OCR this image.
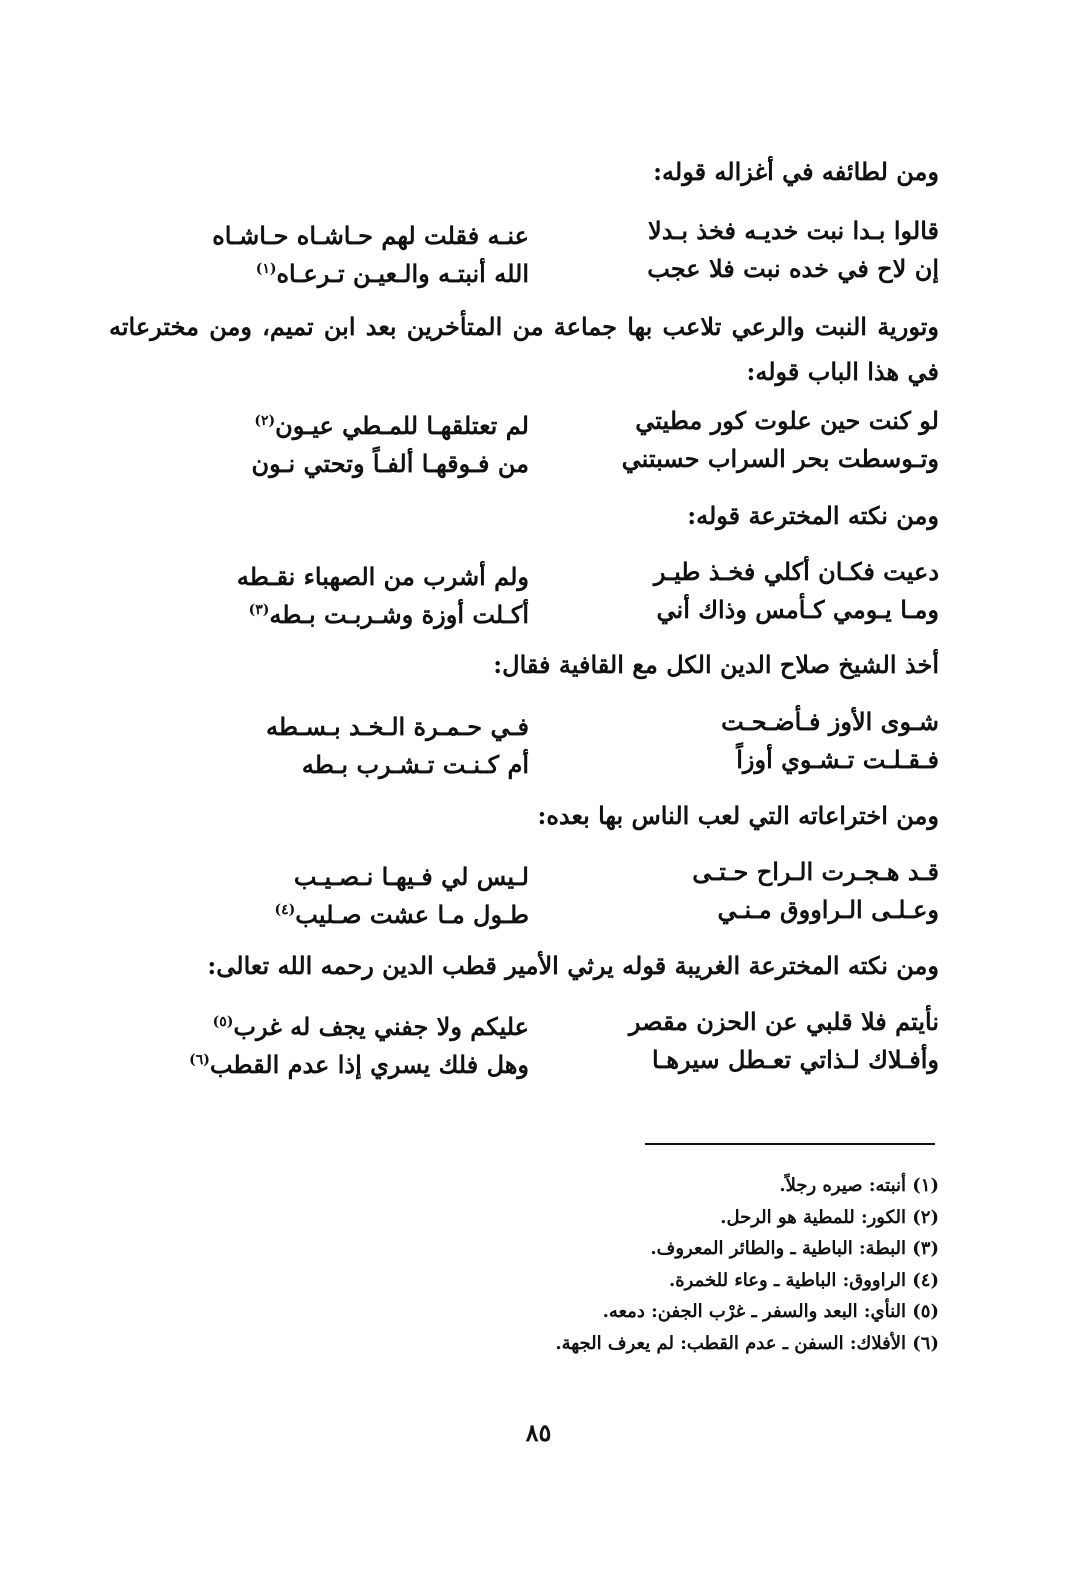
ومن لطائفه في أغزاله قوله:
قالوا بـدا نبت خديـه فخذ بـدلا
عنـه فقلت لهم حـاشـاه حـاشـاه
إن لاح في خده نبت فلا عجب
الله أنبتـه والـعيـن تـرعـاه$^{(١)}$
وتورية النبت والرعي تلاعب بها جماعة من المتأخرين بعد ابن تميم، ومن مخترعاته في هذا الباب قوله:
لو كنت حين علوت كور مطيتي
لم تعتلقهـا للمـطي عيـون$^{(٢)}$
وتـوسطت بحر السراب حسبتني
من فـوقهـا ألفـاً وتحتي نـون
ومن نكته المخترعة قوله:
دعيت فكـان أكلي فخـذ طيـر
ولم أشرب من الصهباء نقـطه
ومـا يـومي كـأمس وذاك أني
أكـلت أوزة وشـربـت بـطه$^{(٣)}$
أخذ الشيخ صلاح الدين الكل مع القافية فقال:
شـوى الأوز فـأضـحـت
فـي حـمـرة الـخـد بـسـطه
فـقـلـت تـشـوي أوزاً
أم كـنـت تـشـرب بـطه
ومن اختراعاته التي لعب الناس بها بعده:
قـد هـجـرت الـراح حـتـى
لـيس لي فـيهـا نـصـيـب
وعـلـى الـراووق مـنـي
طـول مـا عشت صـليب$^{(٤)}$
ومن نكته المخترعة الغريبة قوله يرثي الأمير قطب الدين رحمه الله تعالى:
نأيتم فلا قلبي عن الحزن مقصر
عليكم ولا جفني يجف له غرب$^{(٥)}$
وأفـلاك لـذاتي تعـطل سيرهـا
وهل فلك يسري إذا عدم القطب$^{(٦)}$
(١) أنبته: صيره رجلاً.
(٢) الكور: للمطية هو الرحل.
(٣) البطة: الباطية ـ والطائر المعروف.
(٤) الراووق: الباطية ـ وعاء للخمرة.
(٥) النأي: البعد والسفر ـ غرْب الجفن: دمعه.
(٦) الأفلاك: السفن ـ عدم القطب: لم يعرف الجهة.
٨٥
